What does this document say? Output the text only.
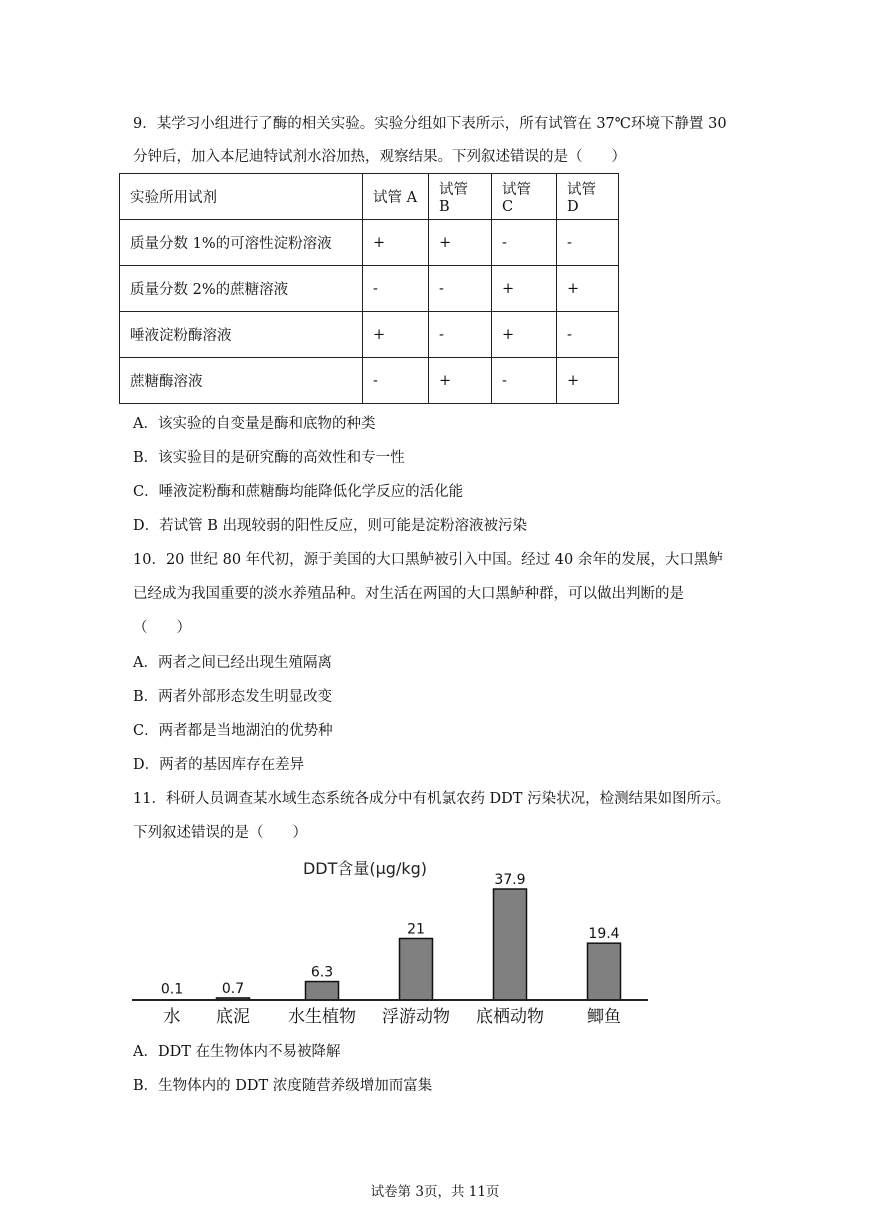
9．某学习小组进行了酶的相关实验。实验分组如下表所示，所有试管在 37℃环境下静置 30
分钟后，加入本尼迪特试剂水浴加热，观察结果。下列叙述错误的是（　　）
实验所用试剂	试管 A	试管 B	试管 C	试管 D
质量分数 1%的可溶性淀粉溶液	+	+	-	-
质量分数 2%的蔗糖溶液	-	-	+	+
唾液淀粉酶溶液	+	-	+	-
蔗糖酶溶液	-	+	-	+
A．该实验的自变量是酶和底物的种类
B．该实验目的是研究酶的高效性和专一性
C．唾液淀粉酶和蔗糖酶均能降低化学反应的活化能
D．若试管 B 出现较弱的阳性反应，则可能是淀粉溶液被污染
10．20 世纪 80 年代初，源于美国的大口黑鲈被引入中国。经过 40 余年的发展，大口黑鲈
已经成为我国重要的淡水养殖品种。对生活在两国的大口黑鲈种群，可以做出判断的是
（　　）
A．两者之间已经出现生殖隔离
B．两者外部形态发生明显改变
C．两者都是当地湖泊的优势种
D．两者的基因库存在差异
11．科研人员调查某水域生态系统各成分中有机氯农药 DDT 污染状况，检测结果如图所示。
下列叙述错误的是（　　）
DDT含量(μg/kg)
0.1
水
0.7
底泥
6.3
水生植物
21
浮游动物
37.9
底栖动物
19.4
鲫鱼
A．DDT 在生物体内不易被降解
B．生物体内的 DDT 浓度随营养级增加而富集
试卷第 3页，共 11页
